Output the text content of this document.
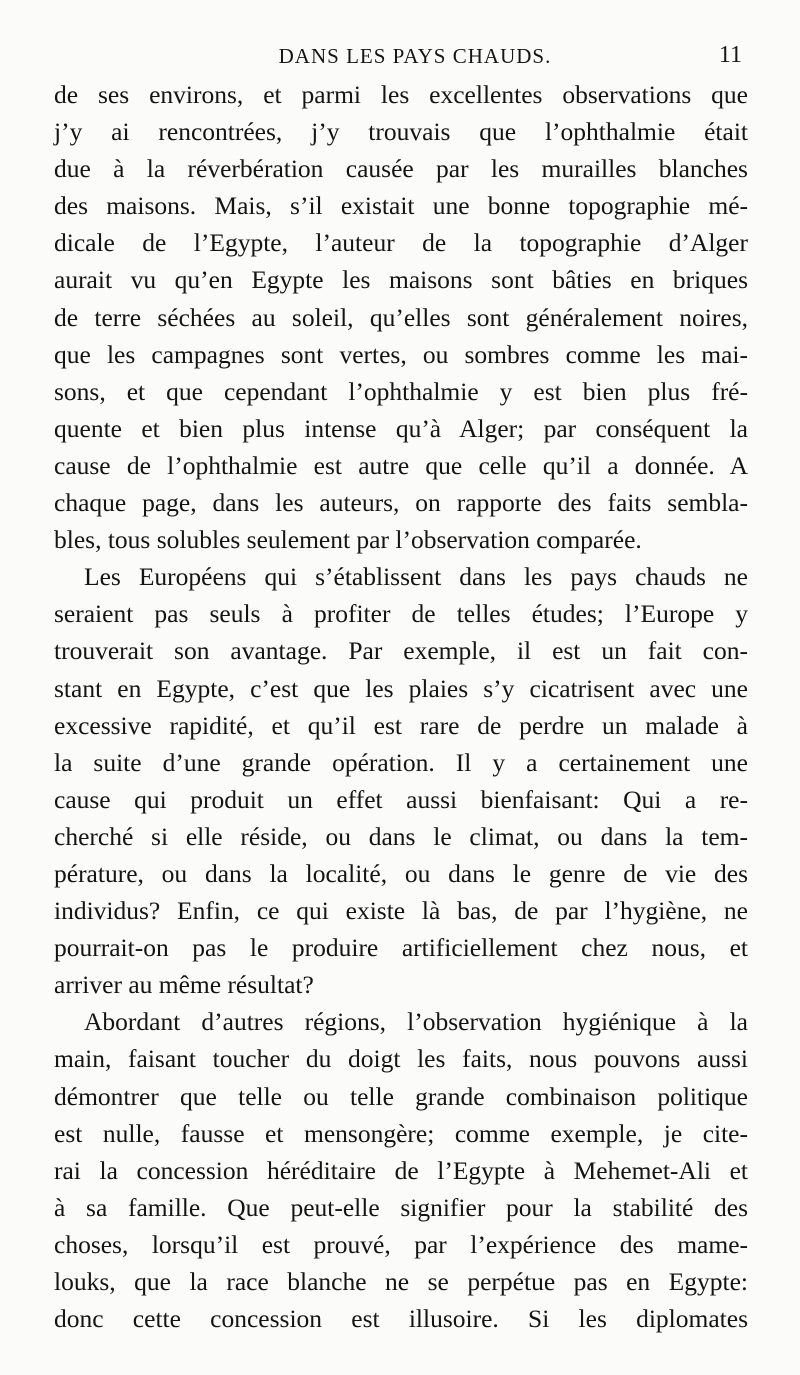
DANS LES PAYS CHAUDS.	11
de ses environs, et parmi les excellentes observations que
j’y ai rencontrées, j’y trouvais que l’ophthalmie était
due à la réverbération causée par les murailles blanches
des maisons. Mais, s’il existait une bonne topographie mé-
dicale de l’Egypte, l’auteur de la topographie d’Alger
aurait vu qu’en Egypte les maisons sont bâties en briques
de terre séchées au soleil, qu’elles sont généralement noires,
que les campagnes sont vertes, ou sombres comme les mai-
sons, et que cependant l’ophthalmie y est bien plus fré-
quente et bien plus intense qu’à Alger; par conséquent la
cause de l’ophthalmie est autre que celle qu’il a donnée. A
chaque page, dans les auteurs, on rapporte des faits sembla-
bles, tous solubles seulement par l’observation comparée.
Les Européens qui s’établissent dans les pays chauds ne
seraient pas seuls à profiter de telles études; l’Europe y
trouverait son avantage. Par exemple, il est un fait con-
stant en Egypte, c’est que les plaies s’y cicatrisent avec une
excessive rapidité, et qu’il est rare de perdre un malade à
la suite d’une grande opération. Il y a certainement une
cause qui produit un effet aussi bienfaisant: Qui a re-
cherché si elle réside, ou dans le climat, ou dans la tem-
pérature, ou dans la localité, ou dans le genre de vie des
individus? Enfin, ce qui existe là bas, de par l’hygiène, ne
pourrait-on pas le produire artificiellement chez nous, et
arriver au même résultat?
Abordant d’autres régions, l’observation hygiénique à la
main, faisant toucher du doigt les faits, nous pouvons aussi
démontrer que telle ou telle grande combinaison politique
est nulle, fausse et mensongère; comme exemple, je cite-
rai la concession héréditaire de l’Egypte à Mehemet-Ali et
à sa famille. Que peut-elle signifier pour la stabilité des
choses, lorsqu’il est prouvé, par l’expérience des mame-
louks, que la race blanche ne se perpétue pas en Egypte:
donc cette concession est illusoire. Si les diplomates
